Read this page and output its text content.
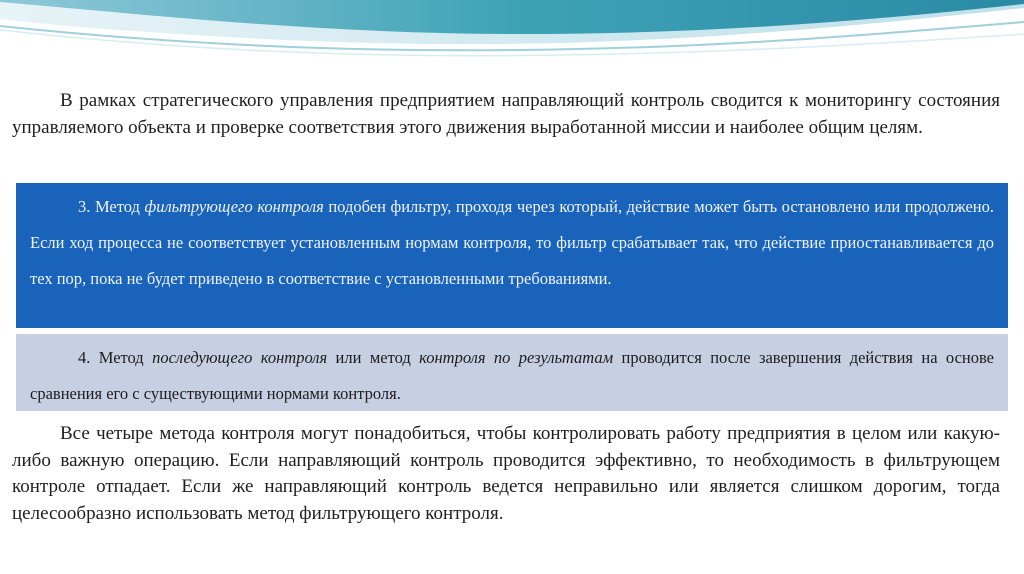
В рамках стратегического управления предприятием направляющий контроль сводится к мониторингу состояния управляемого объекта и проверке соответствия этого движения выработанной миссии и наиболее общим целям.

3. Метод фильтрующего контроля подобен фильтру, проходя через который, действие может быть остановлено или продолжено. Если ход процесса не соответствует установленным нормам контроля, то фильтр срабатывает так, что действие приостанавливается до тех пор, пока не будет приведено в соответствие с установленными требованиями.
4. Метод последующего контроля или метод контроля по результатам проводится после завершения действия на основе сравнения его с существующими нормами контроля.

Все четыре метода контроля могут понадобиться, чтобы контролировать работу предприятия в целом или какую-либо важную операцию. Если направляющий контроль проводится эффективно, то необходимость в фильтрующем контроле отпадает. Если же направляющий контроль ведется неправильно или является слишком дорогим, тогда целесообразно использовать метод фильтрующего контроля.
